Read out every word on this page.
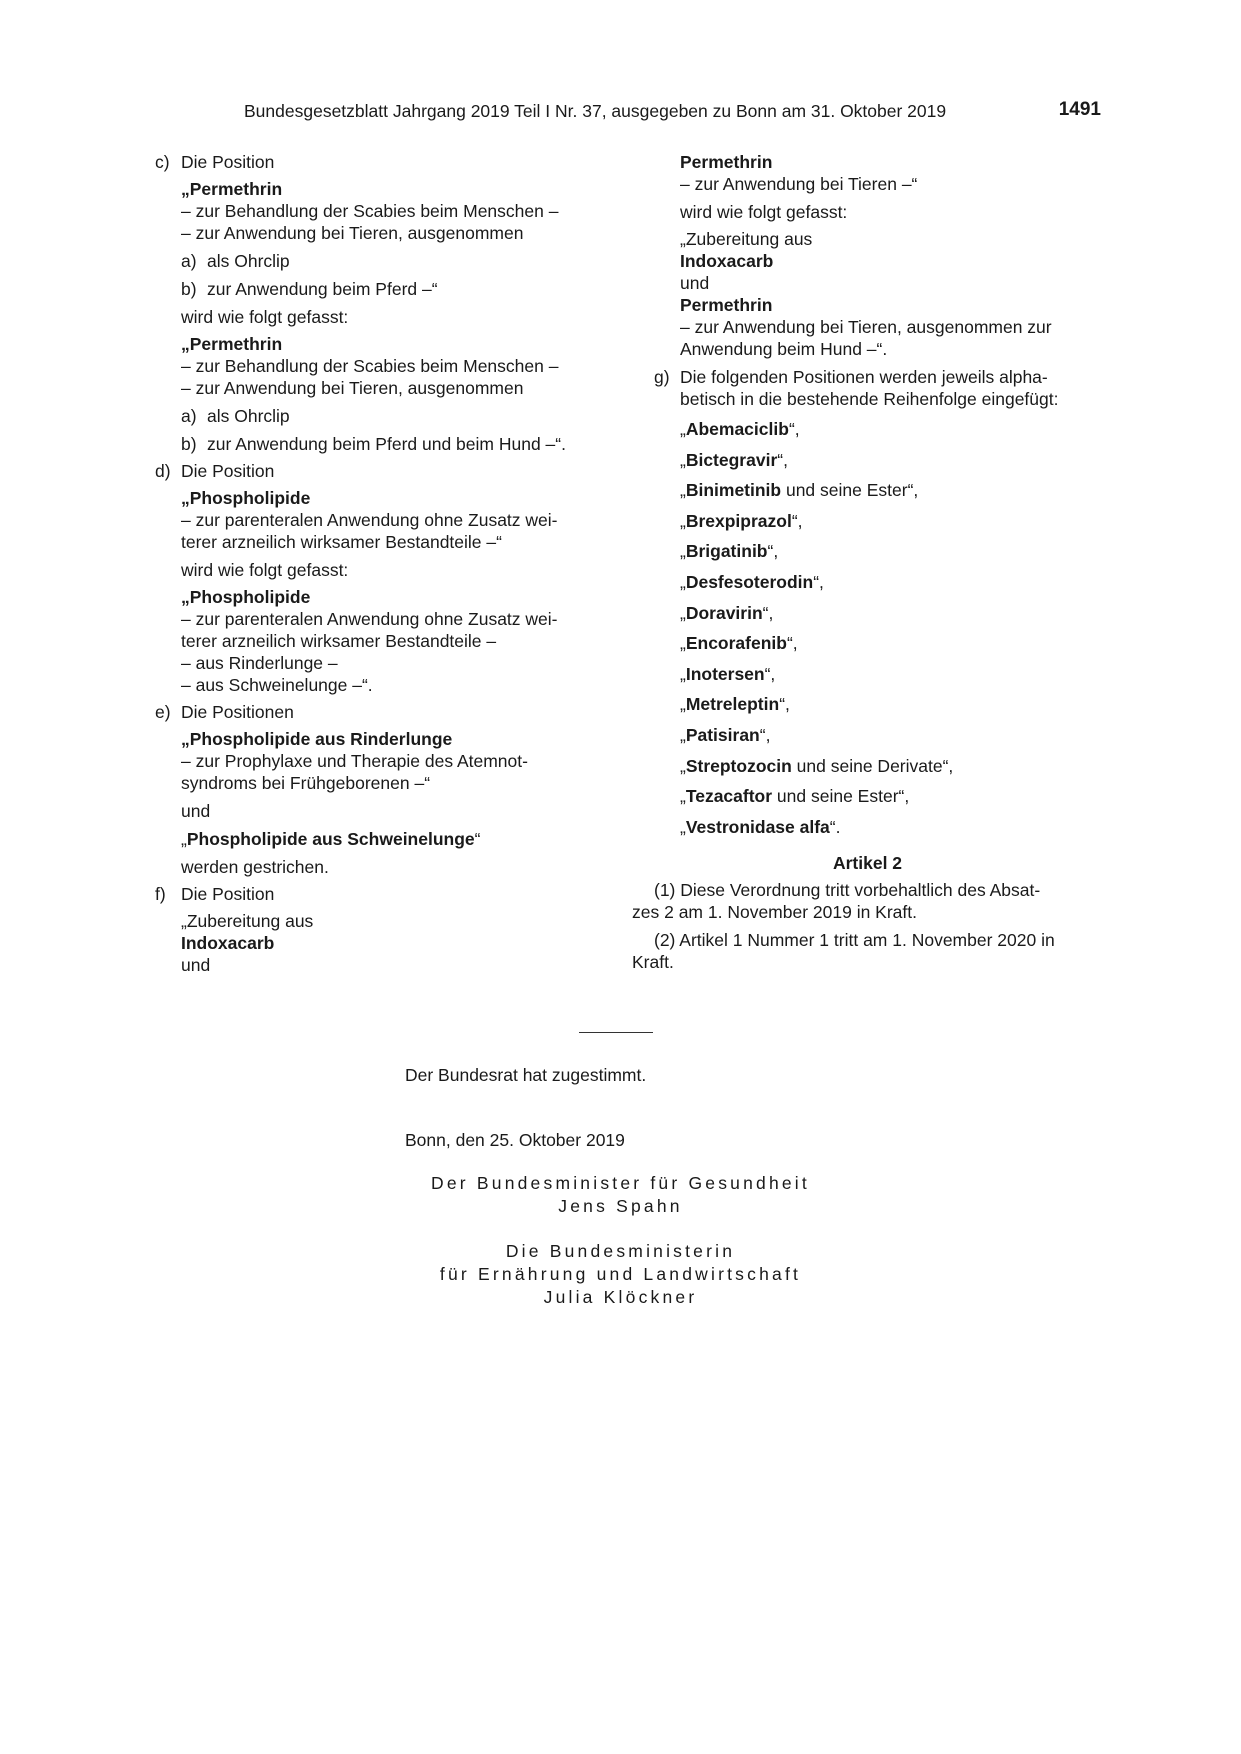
Bundesgesetzblatt Jahrgang 2019 Teil I Nr. 37, ausgegeben zu Bonn am 31. Oktober 2019	1491
c) Die Position
„Permethrin
– zur Behandlung der Scabies beim Menschen –
– zur Anwendung bei Tieren, ausgenommen
a) als Ohrclip
b) zur Anwendung beim Pferd –“
wird wie folgt gefasst:
„Permethrin
– zur Behandlung der Scabies beim Menschen –
– zur Anwendung bei Tieren, ausgenommen
a) als Ohrclip
b) zur Anwendung beim Pferd und beim Hund –“.
d) Die Position
„Phospholipide
– zur parenteralen Anwendung ohne Zusatz wei-
terer arzneilich wirksamer Bestandteile –“
wird wie folgt gefasst:
„Phospholipide
– zur parenteralen Anwendung ohne Zusatz wei-
terer arzneilich wirksamer Bestandteile –
– aus Rinderlunge –
– aus Schweinelunge –“.
e) Die Positionen
„Phospholipide aus Rinderlunge
– zur Prophylaxe und Therapie des Atemnot-
syndroms bei Frühgeborenen –“
und
„Phospholipide aus Schweinelunge“
werden gestrichen.
f) Die Position
„Zubereitung aus
Indoxacarb
und
Permethrin
– zur Anwendung bei Tieren –“
wird wie folgt gefasst:
„Zubereitung aus
Indoxacarb
und
Permethrin
– zur Anwendung bei Tieren, ausgenommen zur
Anwendung beim Hund –“.
g) Die folgenden Positionen werden jeweils alpha-
betisch in die bestehende Reihenfolge eingefügt:
„Abemaciclib“,
„Bictegravir“,
„Binimetinib und seine Ester“,
„Brexpiprazol“,
„Brigatinib“,
„Desfesoterodin“,
„Doravirin“,
„Encorafenib“,
„Inotersen“,
„Metreleptin“,
„Patisiran“,
„Streptozocin und seine Derivate“,
„Tezacaftor und seine Ester“,
„Vestronidase alfa“.
Artikel 2
(1) Diese Verordnung tritt vorbehaltlich des Absat-
zes 2 am 1. November 2019 in Kraft.
(2) Artikel 1 Nummer 1 tritt am 1. November 2020 in
Kraft.
Der Bundesrat hat zugestimmt.
Bonn, den 25. Oktober 2019
Der Bundesminister für Gesundheit
Jens Spahn
Die Bundesministerin
für Ernährung und Landwirtschaft
Julia Klöckner
